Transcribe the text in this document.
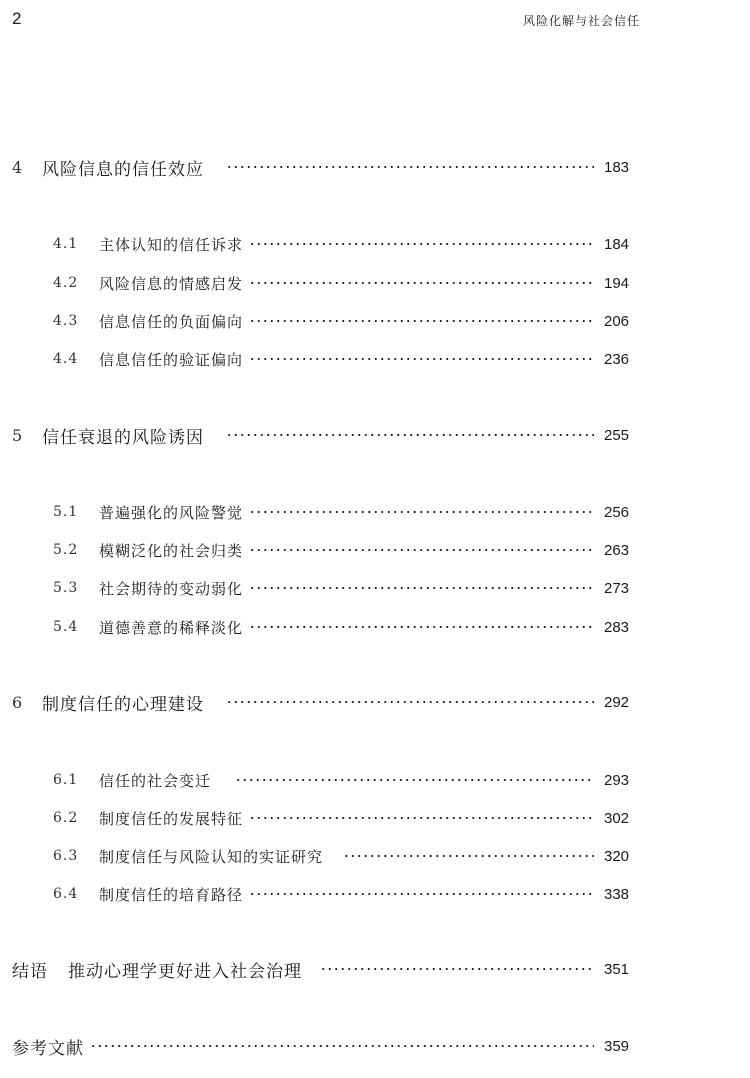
2	风险化解与社会信任
4	风险信息的信任效应	183
4.1	主体认知的信任诉求	184
4.2	风险信息的情感启发	194
4.3	信息信任的负面偏向	206
4.4	信息信任的验证偏向	236
5	信任衰退的风险诱因	255
5.1	普遍强化的风险警觉	256
5.2	模糊泛化的社会归类	263
5.3	社会期待的变动弱化	273
5.4	道德善意的稀释淡化	283
6	制度信任的心理建设	292
6.1	信任的社会变迁	293
6.2	制度信任的发展特征	302
6.3	制度信任与风险认知的实证研究	320
6.4	制度信任的培育路径	338
结语 推动心理学更好进入社会治理	351
参考文献	359
